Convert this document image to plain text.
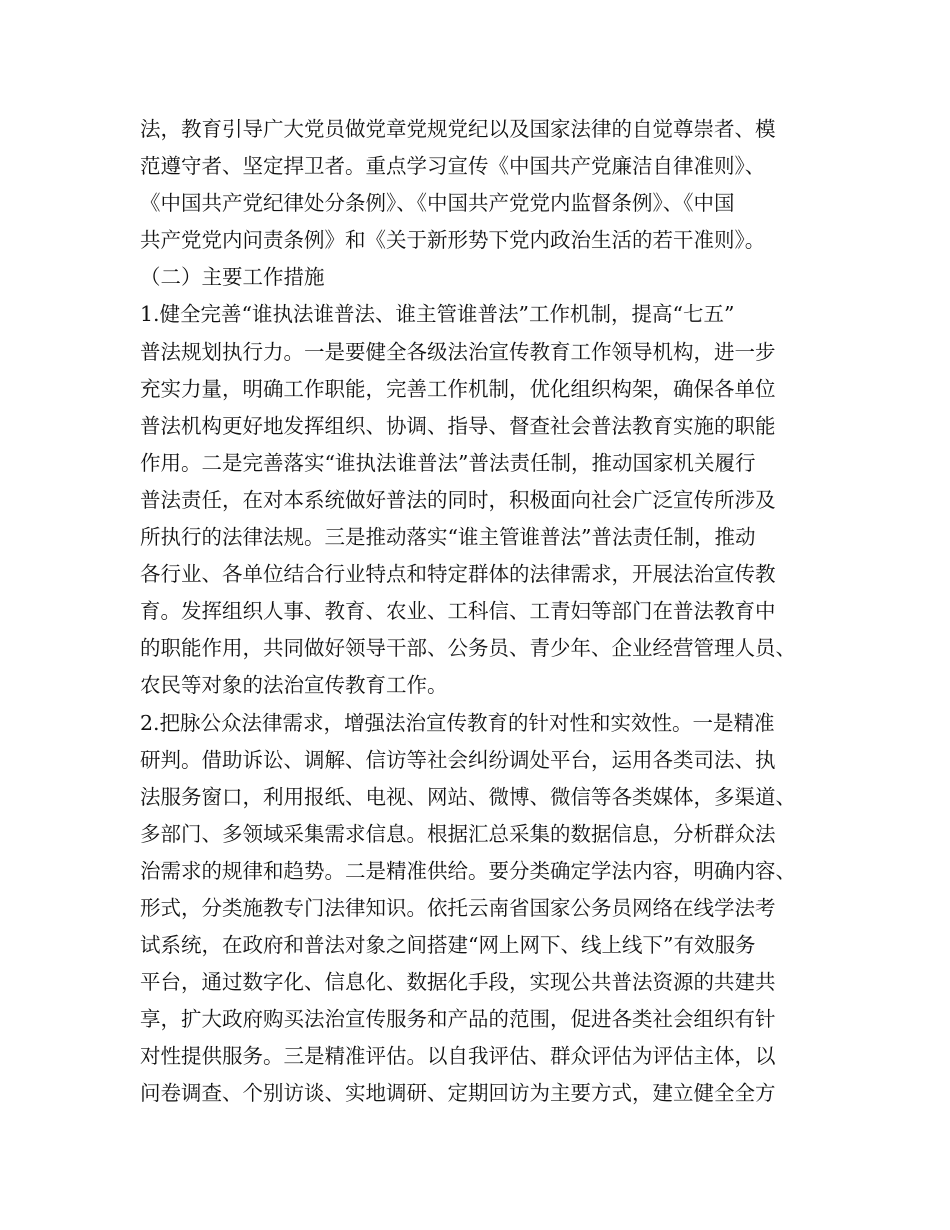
法，教育引导广大党员做党章党规党纪以及国家法律的自觉尊崇者、模
范遵守者、坚定捍卫者。重点学习宣传《中国共产党廉洁自律准则》、
《中国共产党纪律处分条例》、《中国共产党党内监督条例》、《中国
共产党党内问责条例》和《关于新形势下党内政治生活的若干准则》。
（二）主要工作措施
1.健全完善“谁执法谁普法、谁主管谁普法”工作机制，提高“七五”
普法规划执行力。一是要健全各级法治宣传教育工作领导机构，进一步
充实力量，明确工作职能，完善工作机制，优化组织构架，确保各单位
普法机构更好地发挥组织、协调、指导、督查社会普法教育实施的职能
作用。二是完善落实“谁执法谁普法”普法责任制，推动国家机关履行
普法责任，在对本系统做好普法的同时，积极面向社会广泛宣传所涉及
所执行的法律法规。三是推动落实“谁主管谁普法”普法责任制，推动
各行业、各单位结合行业特点和特定群体的法律需求，开展法治宣传教
育。发挥组织人事、教育、农业、工科信、工青妇等部门在普法教育中
的职能作用，共同做好领导干部、公务员、青少年、企业经营管理人员、
农民等对象的法治宣传教育工作。
2.把脉公众法律需求，增强法治宣传教育的针对性和实效性。一是精准
研判。借助诉讼、调解、信访等社会纠纷调处平台，运用各类司法、执
法服务窗口，利用报纸、电视、网站、微博、微信等各类媒体，多渠道、
多部门、多领域采集需求信息。根据汇总采集的数据信息，分析群众法
治需求的规律和趋势。二是精准供给。要分类确定学法内容，明确内容、
形式，分类施教专门法律知识。依托云南省国家公务员网络在线学法考
试系统，在政府和普法对象之间搭建“网上网下、线上线下”有效服务
平台，通过数字化、信息化、数据化手段，实现公共普法资源的共建共
享，扩大政府购买法治宣传服务和产品的范围，促进各类社会组织有针
对性提供服务。三是精准评估。以自我评估、群众评估为评估主体，以
问卷调查、个别访谈、实地调研、定期回访为主要方式，建立健全全方
